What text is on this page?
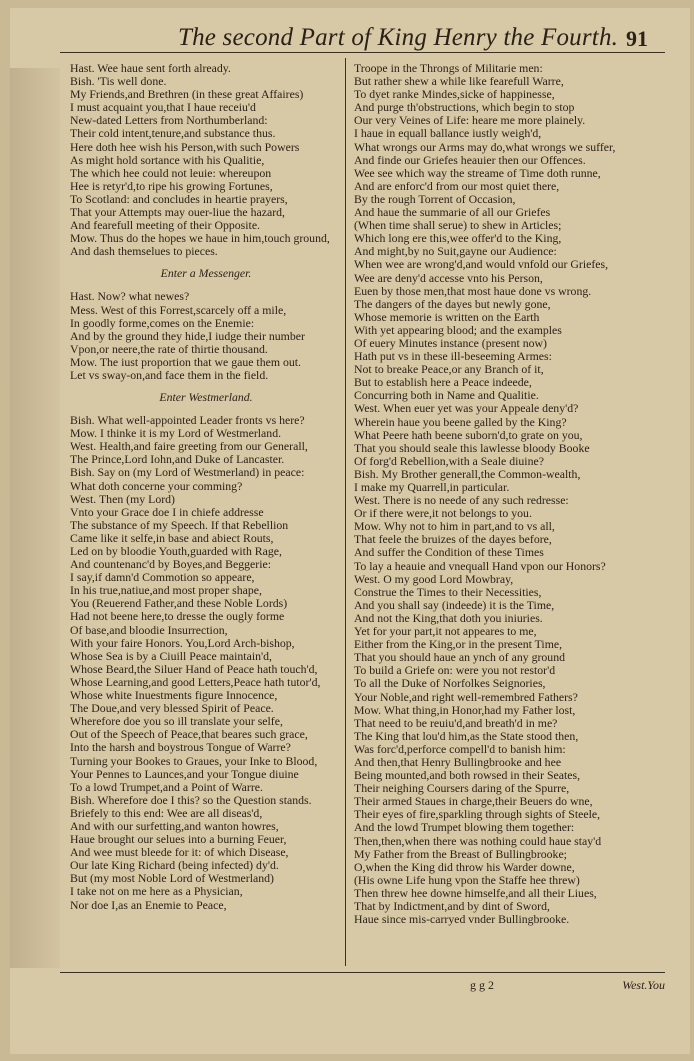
The second Part of King Henry the Fourth. 91
Hast. Wee haue sent forth already.
Bish. 'Tis well done.
My Friends,and Brethren (in these great Affaires)
I must acquaint you,that I haue receiu'd
New-dated Letters from Northumberland:
Their cold intent,tenure,and substance thus.
Here doth hee wish his Person,with such Powers
As might hold sortance with his Qualitie,
The which hee could not leuie: whereupon
Hee is retyr'd,to ripe his growing Fortunes,
To Scotland: and concludes in heartie prayers,
That your Attempts may ouer-liue the hazard,
And fearefull meeting of their Opposite.
Mow. Thus do the hopes we haue in him,touch ground,
And dash themselues to pieces.
Enter a Messenger.
Hast. Now? what newes?
Mess. West of this Forrest,scarcely off a mile,
In goodly forme,comes on the Enemie:
And by the ground they hide,I iudge their number
Vpon,or neere,the rate of thirtie thousand.
Mow. The iust proportion that we gaue them out.
Let vs sway-on,and face them in the field.
Enter Westmerland.
Bish. What well-appointed Leader fronts vs here?
Mow. I thinke it is my Lord of Westmerland.
West. Health,and faire greeting from our Generall,
The Prince,Lord Iohn,and Duke of Lancaster.
Bish. Say on (my Lord of Westmerland) in peace:
What doth concerne your comming?
West. Then (my Lord)
Vnto your Grace doe I in chiefe addresse
The substance of my Speech. If that Rebellion
Came like it selfe,in base and abiect Routs,
Led on by bloodie Youth,guarded with Rage,
And countenanc'd by Boyes,and Beggerie:
I say,if damn'd Commotion so appeare,
In his true,natiue,and most proper shape,
You (Reuerend Father,and these Noble Lords)
Had not beene here,to dresse the ougly forme
Of base,and bloodie Insurrection,
With your faire Honors. You,Lord Arch-bishop,
Whose Sea is by a Ciuill Peace maintain'd,
Whose Beard,the Siluer Hand of Peace hath touch'd,
Whose Learning,and good Letters,Peace hath tutor'd,
Whose white Inuestments figure Innocence,
The Doue,and very blessed Spirit of Peace.
Wherefore doe you so ill translate your selfe,
Out of the Speech of Peace,that beares such grace,
Into the harsh and boystrous Tongue of Warre?
Turning your Bookes to Graues, your Inke to Blood,
Your Pennes to Launces,and your Tongue diuine
To a lowd Trumpet,and a Point of Warre.
Bish. Wherefore doe I this? so the Question stands.
Briefely to this end: Wee are all diseas'd,
And with our surfetting,and wanton howres,
Haue brought our selues into a burning Feuer,
And wee must bleede for it: of which Disease,
Our late King Richard (being infected) dy'd.
But (my most Noble Lord of Westmerland)
I take not on me here as a Physician,
Nor doe I,as an Enemie to Peace,
Troope in the Throngs of Militarie men:
But rather shew a while like fearefull Warre,
To dyet ranke Mindes,sicke of happinesse,
And purge th'obstructions, which begin to stop
Our very Veines of Life: heare me more plainely.
I haue in equall ballance iustly weigh'd,
What wrongs our Arms may do,what wrongs we suffer,
And finde our Griefes heauier then our Offences.
Wee see which way the streame of Time doth runne,
And are enforc'd from our most quiet there,
By the rough Torrent of Occasion,
And haue the summarie of all our Griefes
(When time shall serue) to shew in Articles;
Which long ere this,wee offer'd to the King,
And might,by no Suit,gayne our Audience:
When wee are wrong'd,and would vnfold our Griefes,
Wee are deny'd accesse vnto his Person,
Euen by those men,that most haue done vs wrong.
The dangers of the dayes but newly gone,
Whose memorie is written on the Earth
With yet appearing blood; and the examples
Of euery Minutes instance (present now)
Hath put vs in these ill-beseeming Armes:
Not to breake Peace,or any Branch of it,
But to establish here a Peace indeede,
Concurring both in Name and Qualitie.
West. When euer yet was your Appeale deny'd?
Wherein haue you beene galled by the King?
What Peere hath beene suborn'd,to grate on you,
That you should seale this lawlesse bloody Booke
Of forg'd Rebellion,with a Seale diuine?
Bish. My Brother generall,the Common-wealth,
I make my Quarrell,in particular.
West. There is no neede of any such redresse:
Or if there were,it not belongs to you.
Mow. Why not to him in part,and to vs all,
That feele the bruizes of the dayes before,
And suffer the Condition of these Times
To lay a heauie and vnequall Hand vpon our Honors?
West. O my good Lord Mowbray,
Construe the Times to their Necessities,
And you shall say (indeede) it is the Time,
And not the King,that doth you iniuries.
Yet for your part,it not appeares to me,
Either from the King,or in the present Time,
That you should haue an ynch of any ground
To build a Griefe on: were you not restor'd
To all the Duke of Norfolkes Seignories,
Your Noble,and right well-remembred Fathers?
Mow. What thing,in Honor,had my Father lost,
That need to be reuiu'd,and breath'd in me?
The King that lou'd him,as the State stood then,
Was forc'd,perforce compell'd to banish him:
And then,that Henry Bullingbrooke and hee
Being mounted,and both rowsed in their Seates,
Their neighing Coursers daring of the Spurre,
Their armed Staues in charge,their Beuers do wne,
Their eyes of fire,sparkling through sights of Steele,
And the lowd Trumpet blowing them together:
Then,then,when there was nothing could haue stay'd
My Father from the Breast of Bullingbrooke;
O,when the King did throw his Warder downe,
(His owne Life hung vpon the Staffe hee threw)
Then threw hee downe himselfe,and all their Liues,
That by Indictment,and by dint of Sword,
Haue since mis-carryed vnder Bullingbrooke.
g g 2	West.You
